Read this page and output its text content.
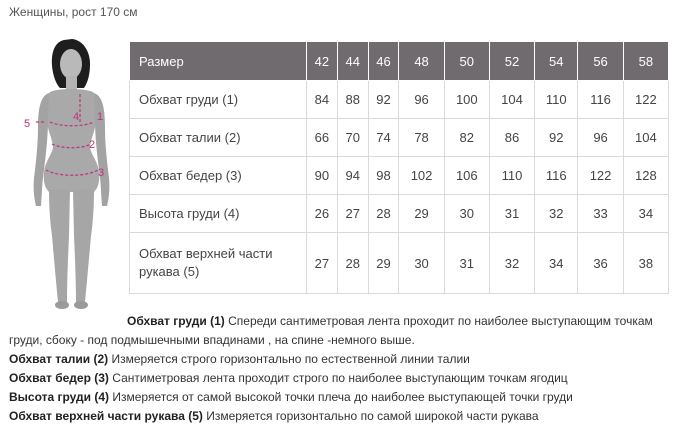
Женщины, рост 170 см
5
4 1
2
3
Размер	42	44	46	48	50	52	54	56	58
Обхват груди (1)	84	88	92	96	100	104	110	116	122
Обхват талии (2)	66	70	74	78	82	86	92	96	104
Обхват бедер (3)	90	94	98	102	106	110	116	122	128
Высота груди (4)	26	27	28	29	30	31	32	33	34
Обхват верхней части рукава (5)	27	28	29	30	31	32	34	36	38

Обхват груди (1) Спереди сантиметровая лента проходит по наиболее выступающим точкам груди, сбоку - под подмышечными впадинами , на спине -немного выше.

Обхват талии (2) Измеряется строго горизонтально по естественной линии талии

Обхват бедер (3) Сантиметровая лента проходит строго по наиболее выступающим точкам ягодиц

Высота груди (4) Измеряется от самой высокой точки плеча до наиболее выступающей точки груди

Обхват верхней части рукава (5) Измеряется горизонтально по самой широкой части рукава
